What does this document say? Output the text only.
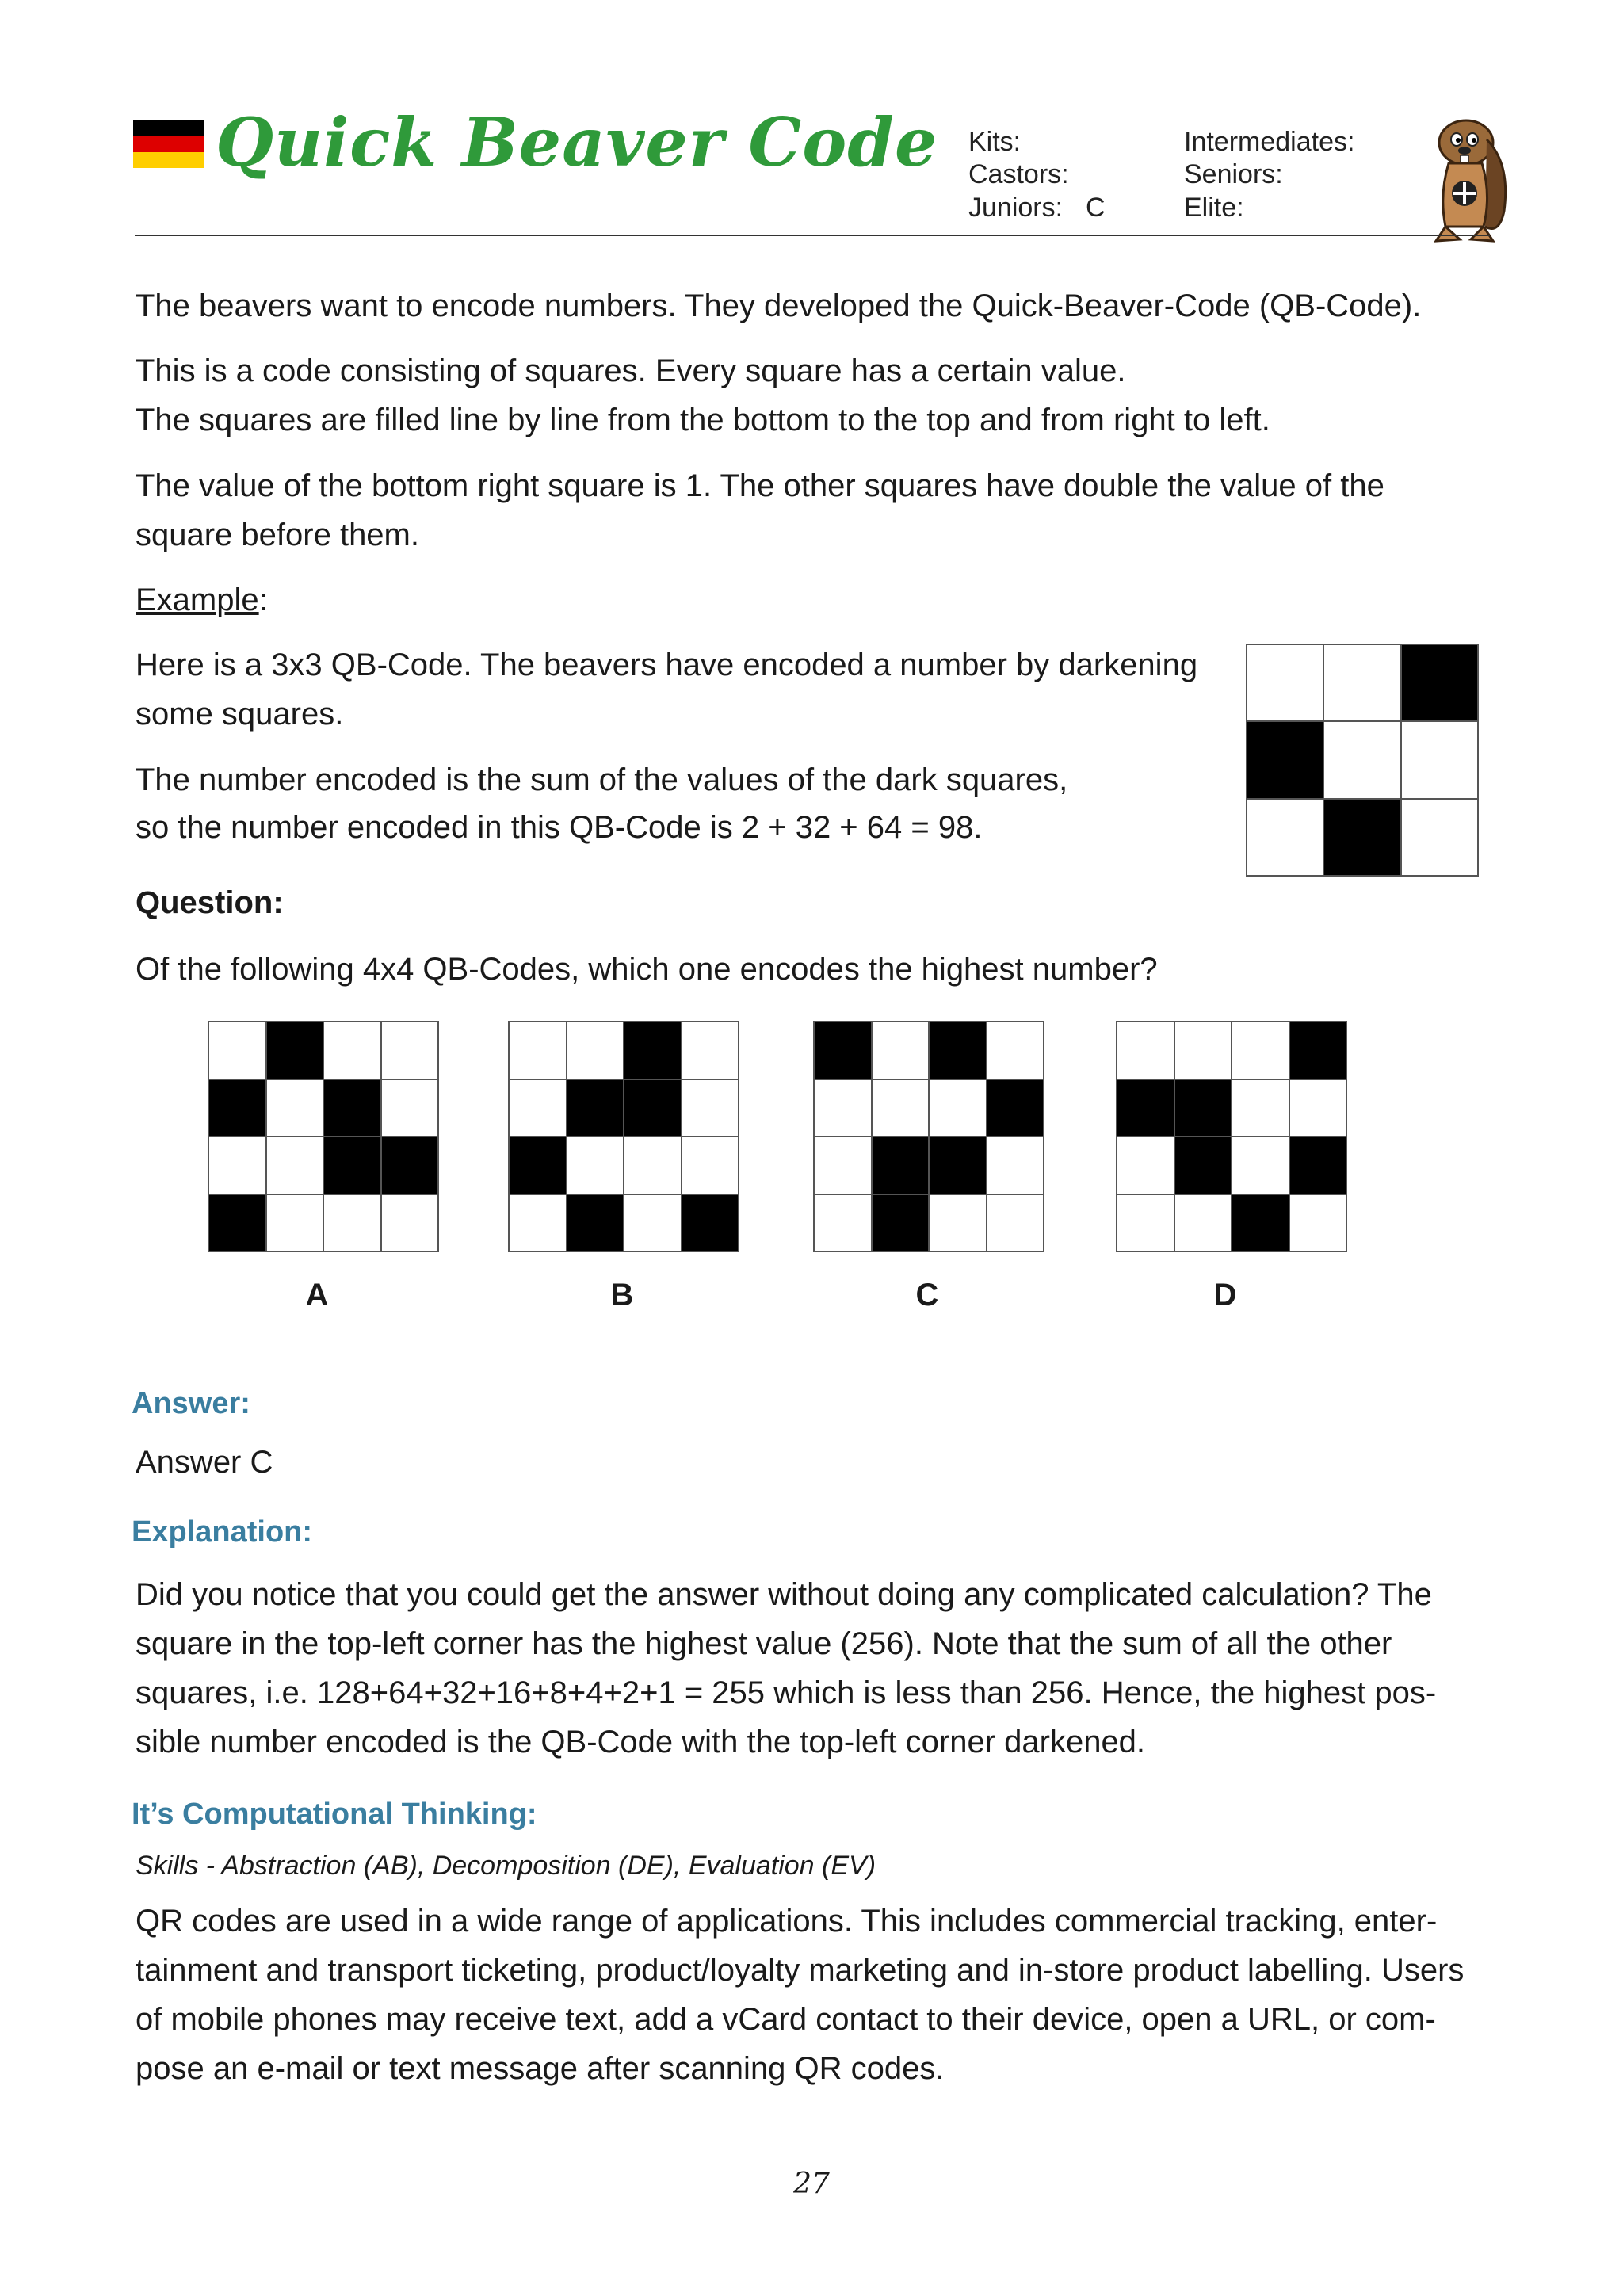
Quick Beaver Code Kits:
Castors:
Juniors: C
Intermediates:
Seniors:
Elite:
The beavers want to encode numbers. They developed the Quick-Beaver-Code (QB-Code).
This is a code consisting of squares. Every square has a certain value.
The squares are filled line by line from the bottom to the top and from right to left.
The value of the bottom right square is 1. The other squares have double the value of the
square before them.
Example:
Here is a 3x3 QB-Code. The beavers have encoded a number by darkening
some squares.
The number encoded is the sum of the values of the dark squares,
so the number encoded in this QB-Code is 2 + 32 + 64 = 98.
Question:
Of the following 4x4 QB-Codes, which one encodes the highest number?
A	B	C	D
Answer:
Answer C
Explanation:
Did you notice that you could get the answer without doing any complicated calculation? The
square in the top-left corner has the highest value (256). Note that the sum of all the other
squares, i.e. 128+64+32+16+8+4+2+1 = 255 which is less than 256. Hence, the highest pos-
sible number encoded is the QB-Code with the top-left corner darkened.
It’s Computational Thinking:
Skills - Abstraction (AB), Decomposition (DE), Evaluation (EV)
QR codes are used in a wide range of applications. This includes commercial tracking, enter-
tainment and transport ticketing, product/loyalty marketing and in-store product labelling. Users
of mobile phones may receive text, add a vCard contact to their device, open a URL, or com-
pose an e-mail or text message after scanning QR codes.
27
